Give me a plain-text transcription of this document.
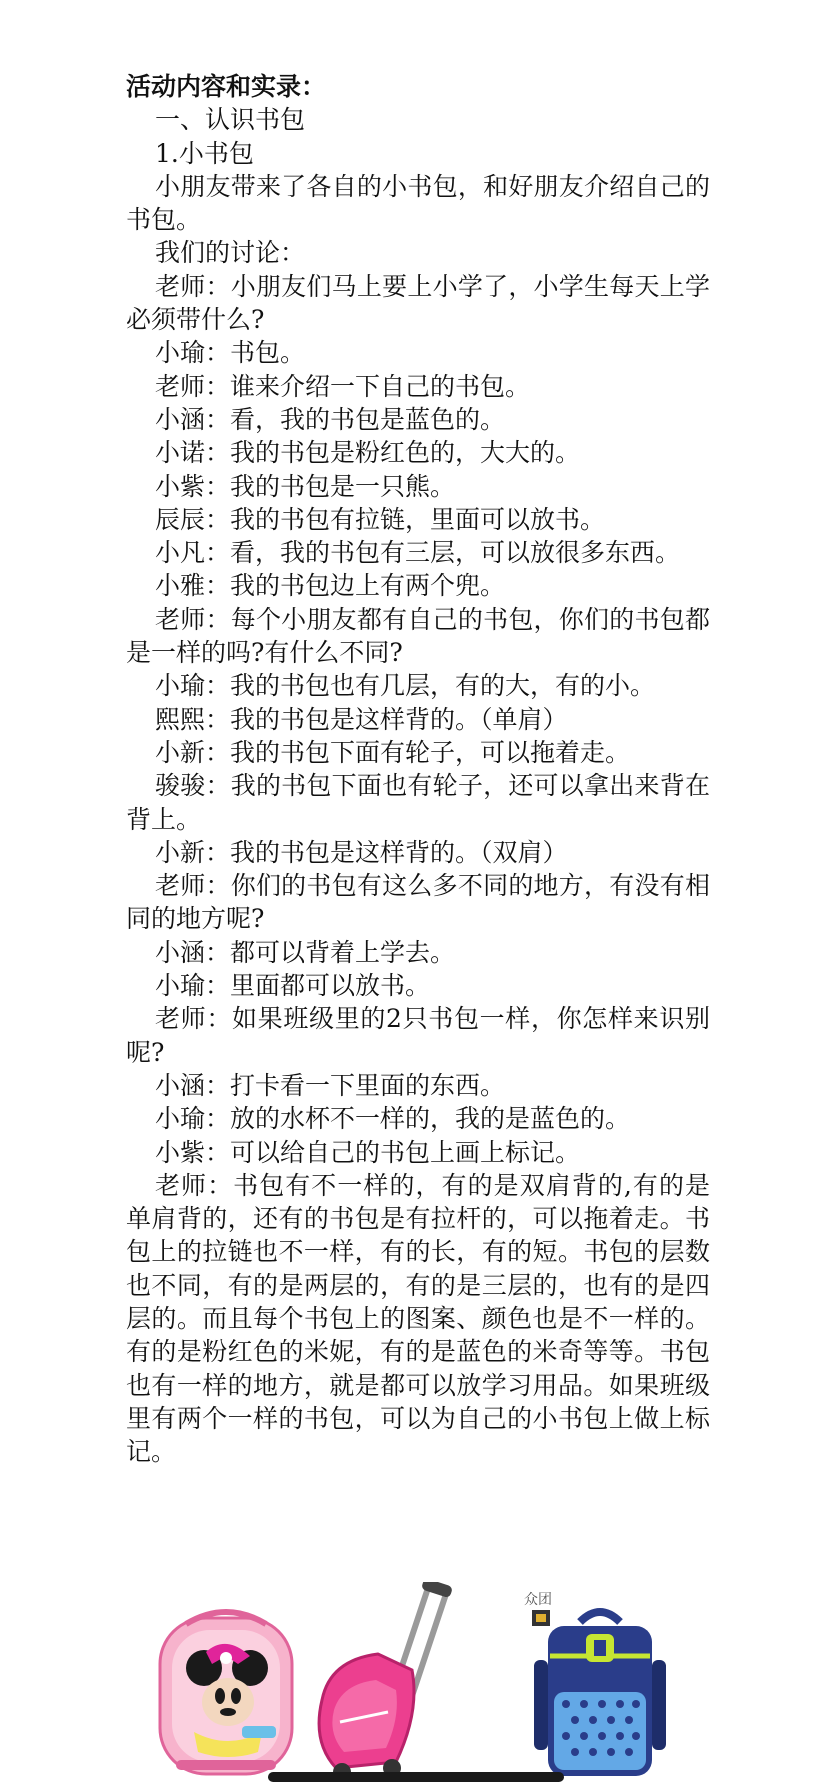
活动内容和实录：

一、认识书包

1.小书包

小朋友带来了各自的小书包，和好朋友介绍自己的书包。

我们的讨论：

老师：小朋友们马上要上小学了，小学生每天上学必须带什么?

小瑜：书包。

老师：谁来介绍一下自己的书包。

小涵：看，我的书包是蓝色的。

小诺：我的书包是粉红色的，大大的。

小紫：我的书包是一只熊。

辰辰：我的书包有拉链，里面可以放书。

小凡：看，我的书包有三层，可以放很多东西。

小雅：我的书包边上有两个兜。

老师：每个小朋友都有自己的书包，你们的书包都是一样的吗?有什么不同?

小瑜：我的书包也有几层，有的大，有的小。

熙熙：我的书包是这样背的。（单肩）

小新：我的书包下面有轮子，可以拖着走。

骏骏：我的书包下面也有轮子，还可以拿出来背在背上。

小新：我的书包是这样背的。（双肩）

老师：你们的书包有这么多不同的地方，有没有相同的地方呢?

小涵：都可以背着上学去。

小瑜：里面都可以放书。

老师：如果班级里的2只书包一样，你怎样来识别呢?

小涵：打卡看一下里面的东西。

小瑜：放的水杯不一样的，我的是蓝色的。

小紫：可以给自己的书包上画上标记。

老师：书包有不一样的，有的是双肩背的,有的是单肩背的，还有的书包是有拉杆的，可以拖着走。书包上的拉链也不一样，有的长，有的短。书包的层数也不同，有的是两层的，有的是三层的，也有的是四层的。而且每个书包上的图案、颜色也是不一样的。有的是粉红色的米妮，有的是蓝色的米奇等等。书包也有一样的地方，就是都可以放学习用品。如果班级里有两个一样的书包，可以为自己的小书包上做上标记。

众团
